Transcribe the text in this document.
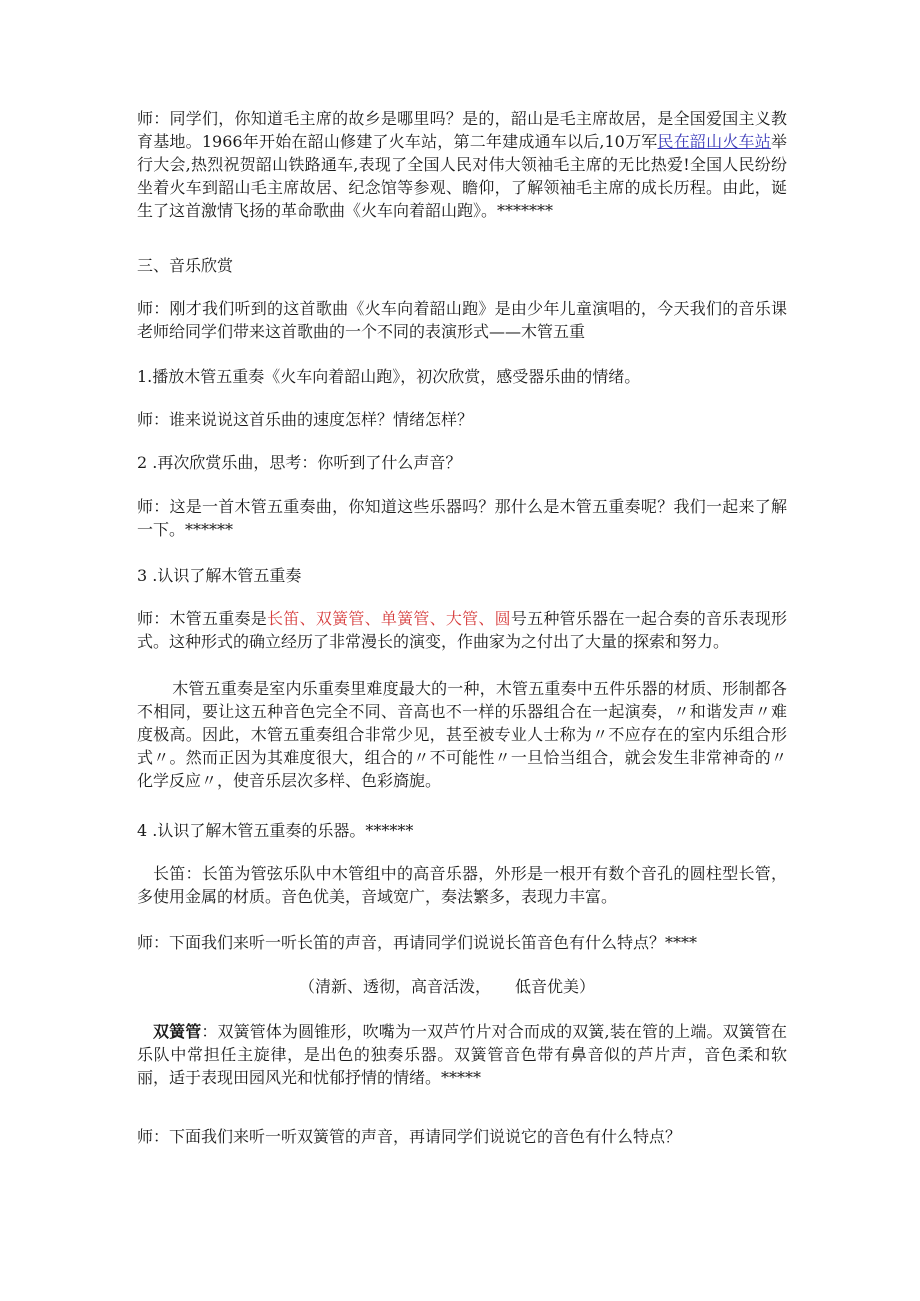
师：同学们，你知道毛主席的故乡是哪里吗？是的，韶山是毛主席故居，是全国爱国主义教育基地。1966年开始在韶山修建了火车站，第二年建成通车以后,10万军民在韶山火车站举行大会,热烈祝贺韶山铁路通车,表现了全国人民对伟大领袖毛主席的无比热爱!全国人民纷纷坐着火车到韶山毛主席故居、纪念馆等参观、瞻仰，了解领袖毛主席的成长历程。由此，诞生了这首激情飞扬的革命歌曲《火车向着韶山跑》。*******

三、音乐欣赏

师：刚才我们听到的这首歌曲《火车向着韶山跑》是由少年儿童演唱的，今天我们的音乐课老师给同学们带来这首歌曲的一个不同的表演形式——木管五重

1.播放木管五重奏《火车向着韶山跑》，初次欣赏，感受器乐曲的情绪。

师：谁来说说这首乐曲的速度怎样？情绪怎样？

2 .再次欣赏乐曲，思考：你听到了什么声音？

师：这是一首木管五重奏曲，你知道这些乐器吗？那什么是木管五重奏呢？我们一起来了解一下。******

3 .认识了解木管五重奏

师：木管五重奏是长笛、双簧管、单簧管、大管、圆号五种管乐器在一起合奏的音乐表现形式。这种形式的确立经历了非常漫长的演变，作曲家为之付出了大量的探索和努力。

木管五重奏是室内乐重奏里难度最大的一种，木管五重奏中五件乐器的材质、形制都各不相同，要让这五种音色完全不同、音高也不一样的乐器组合在一起演奏，〃和谐发声〃难度极高。因此，木管五重奏组合非常少见，甚至被专业人士称为〃不应存在的室内乐组合形式〃。然而正因为其难度很大，组合的〃不可能性〃一旦恰当组合，就会发生非常神奇的〃化学反应〃，使音乐层次多样、色彩旖旎。

4 .认识了解木管五重奏的乐器。******

长笛：长笛为管弦乐队中木管组中的高音乐器，外形是一根开有数个音孔的圆柱型长管，多使用金属的材质。音色优美，音域宽广，奏法繁多，表现力丰富。

师：下面我们来听一听长笛的声音，再请同学们说说长笛音色有什么特点？****

（清新、透彻，高音活泼，　　低音优美）

双簧管：双簧管体为圆锥形，吹嘴为一双芦竹片对合而成的双簧,装在管的上端。双簧管在乐队中常担任主旋律，是出色的独奏乐器。双簧管音色带有鼻音似的芦片声，音色柔和软丽，适于表现田园风光和忧郁抒情的情绪。*****

师：下面我们来听一听双簧管的声音，再请同学们说说它的音色有什么特点？
